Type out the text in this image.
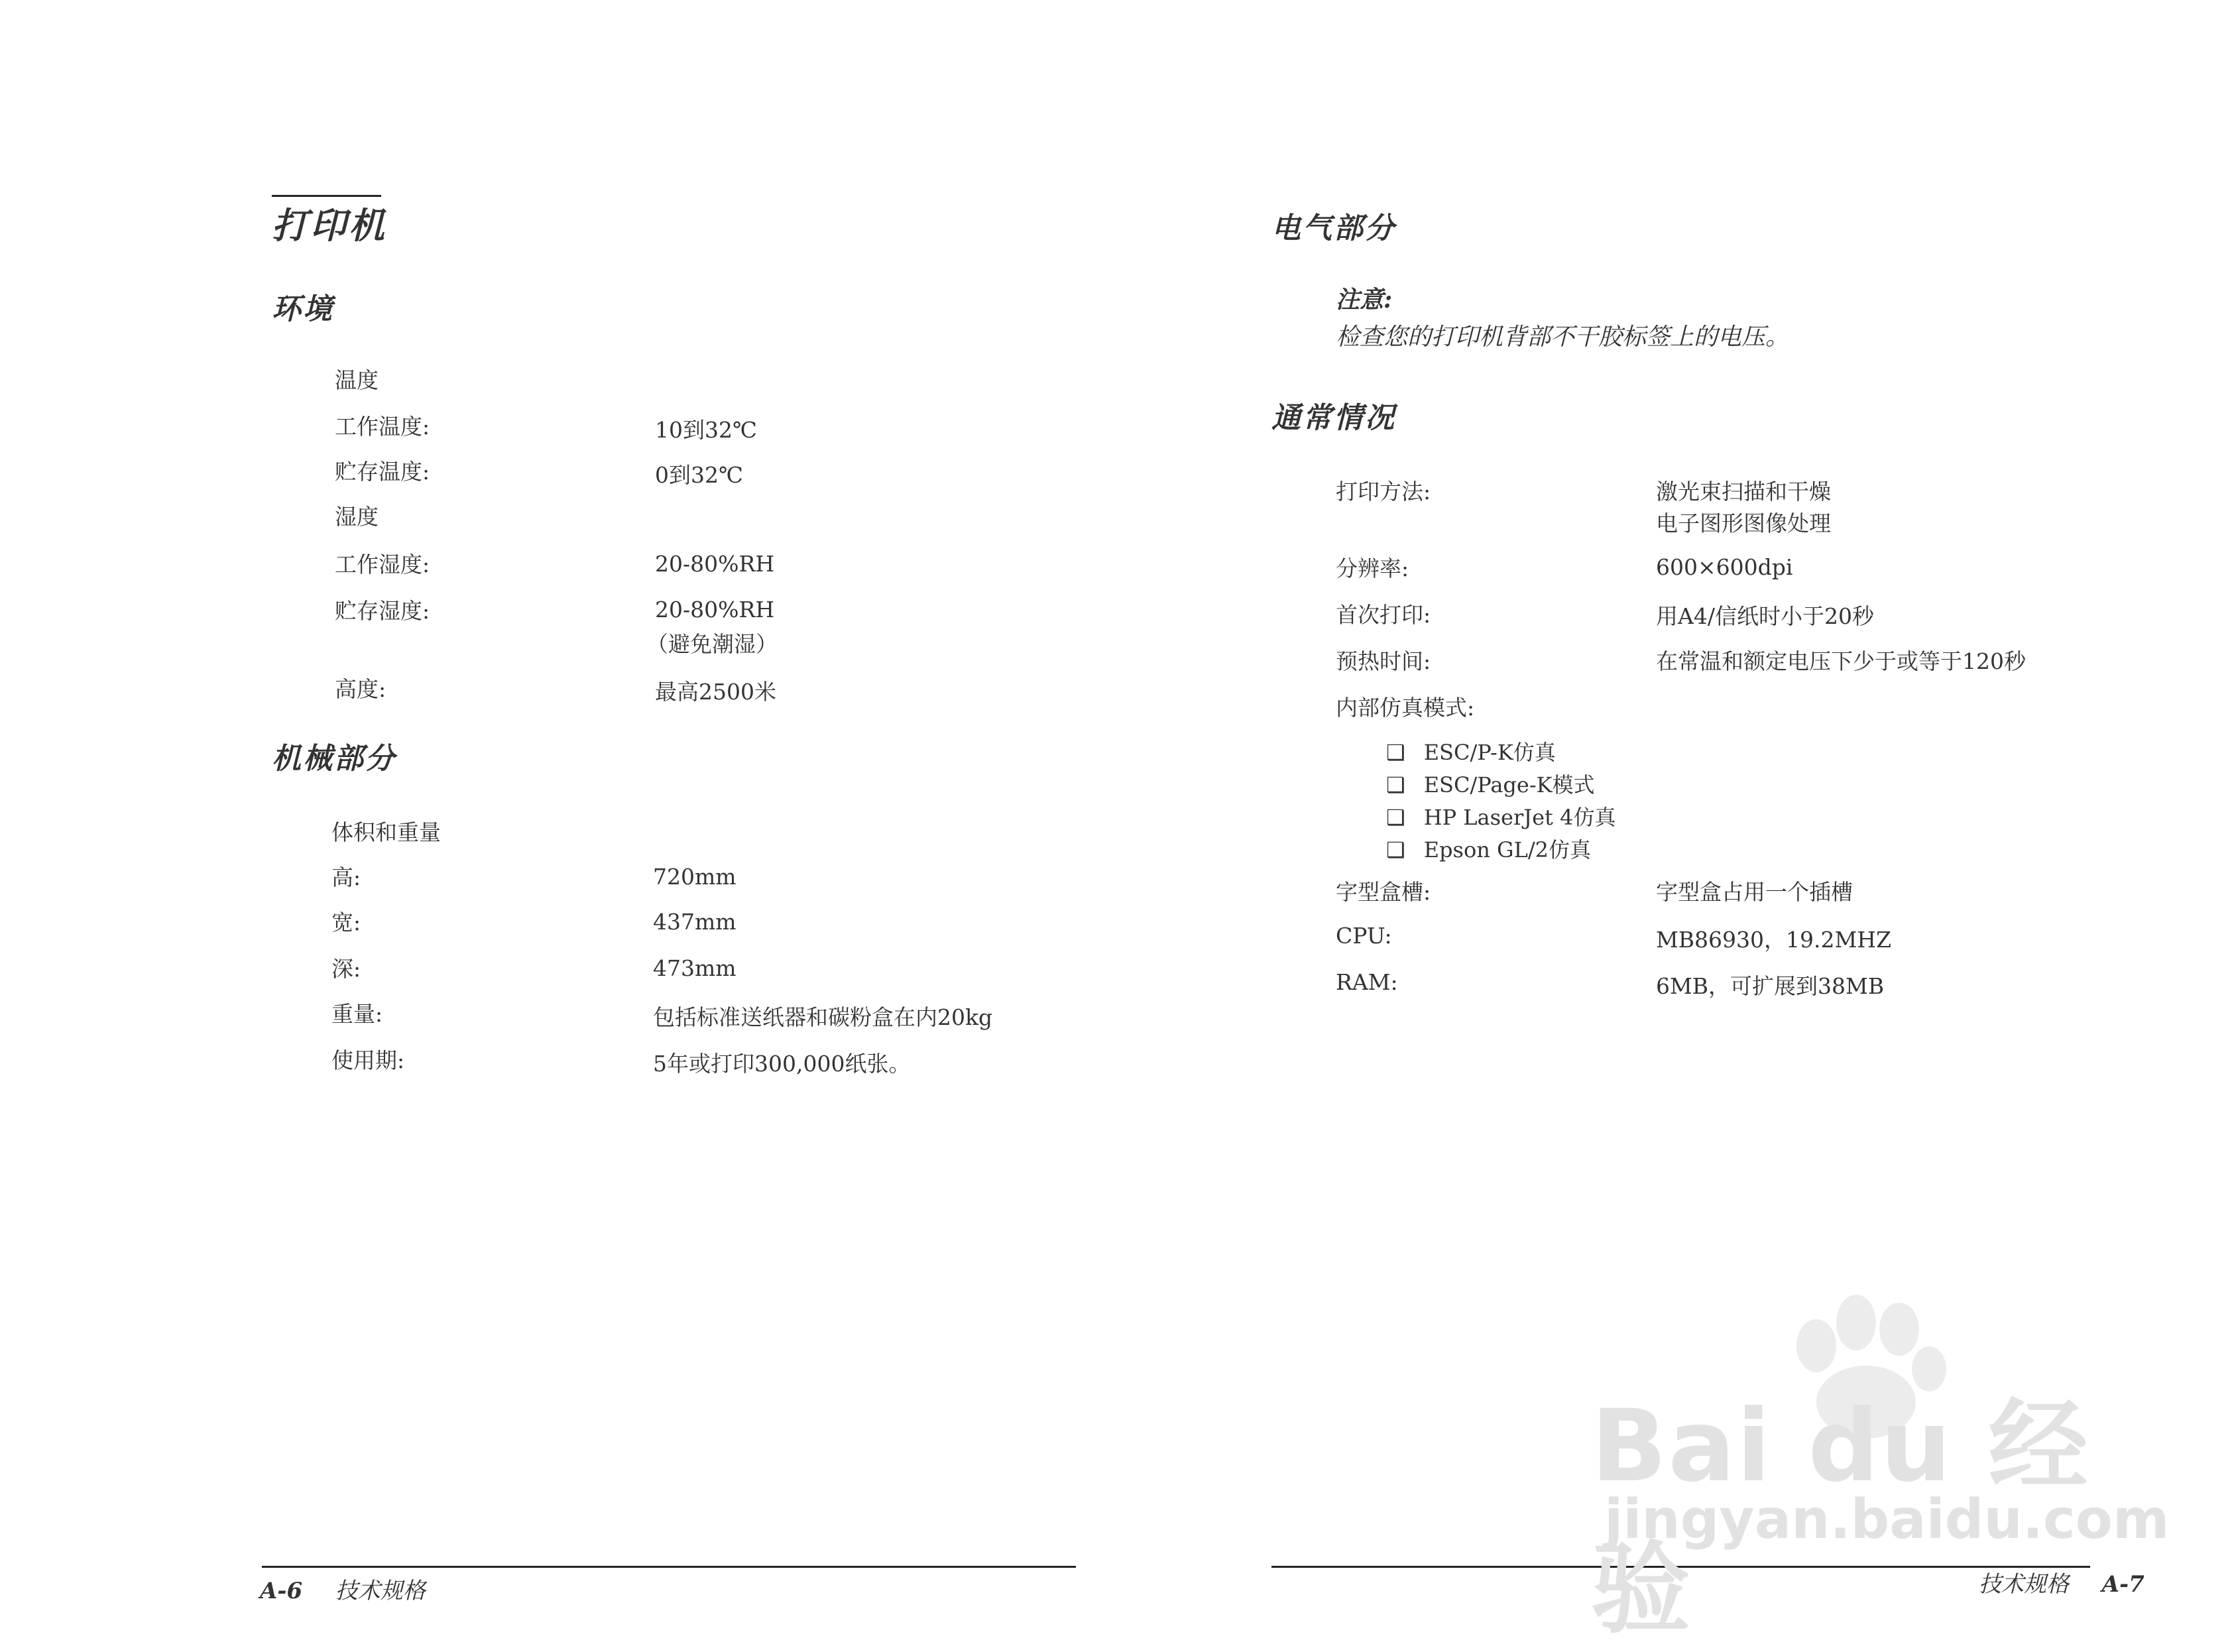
打印机
环境
温度
工作温度:	10到32℃
贮存温度:	0到32℃
湿度
工作湿度:	20-80%RH
贮存湿度:	20-80%RH
（避免潮湿）
高度:	最高2500米
机械部分
体积和重量
高:	720mm
宽:	437mm
深:	473mm
重量:	包括标准送纸器和碳粉盒在内20kg
使用期:	5年或打印300,000纸张。
A-6 技术规格
电气部分
注意:
检查您的打印机背部不干胶标签上的电压。
通常情况
打印方法:	激光束扫描和干燥
电子图形图像处理
分辨率:	600×600dpi
首次打印:	用A4/信纸时小于20秒
预热时间:	在常温和额定电压下少于或等于120秒
内部仿真模式:
❑ ESC/P-K仿真
❑ ESC/Page-K模式
❑ HP LaserJet 4仿真
❑ Epson GL/2仿真
字型盒槽:	字型盒占用一个插槽
CPU:	MB86930，19.2MHZ
RAM:	6MB，可扩展到38MB
技术规格 A-7
Bai du 经验
jingyan.baidu.com
